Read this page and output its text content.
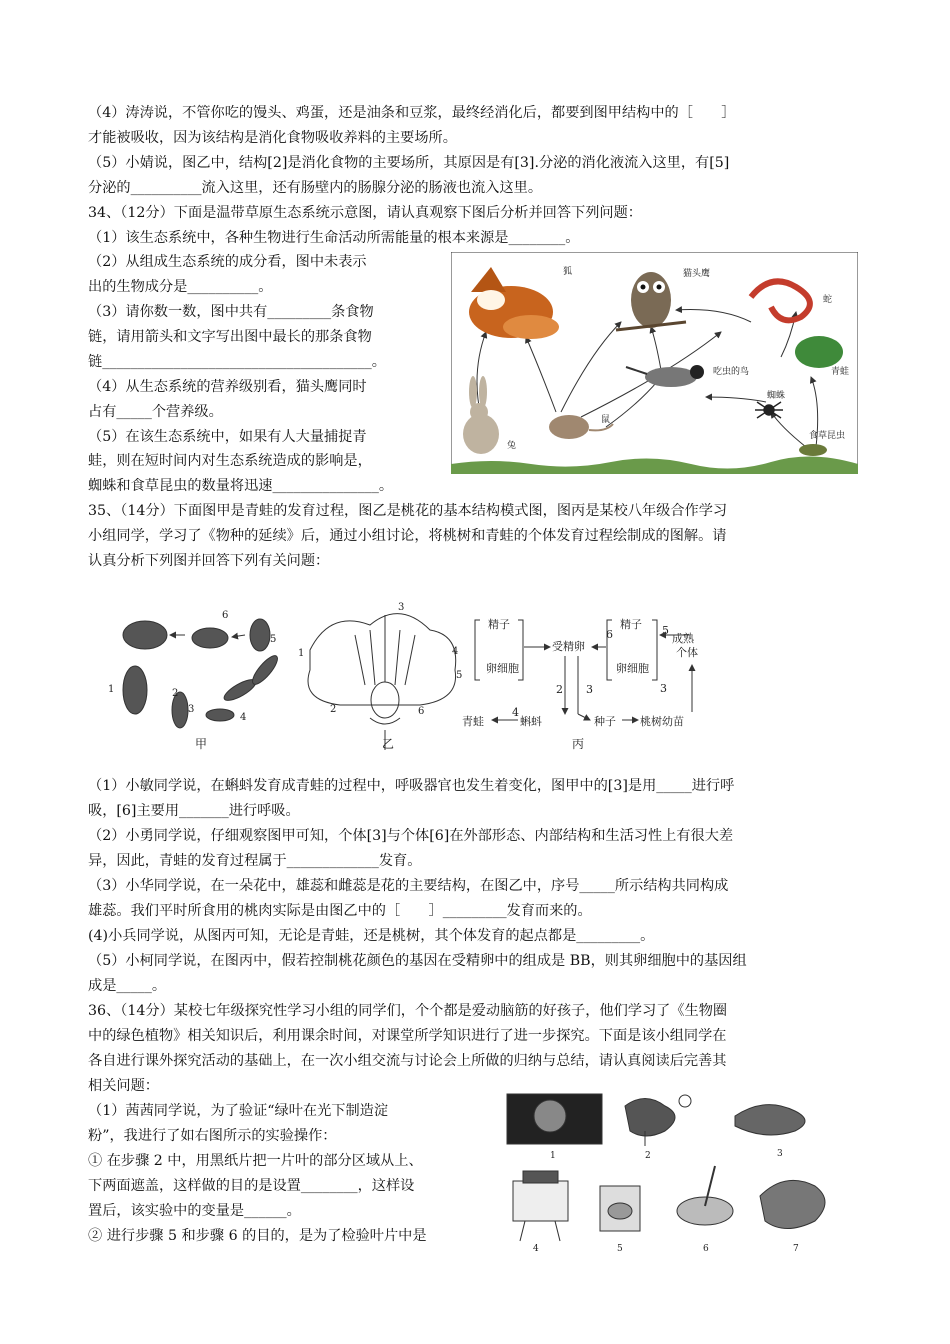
（4）涛涛说，不管你吃的馒头、鸡蛋，还是油条和豆浆，最终经消化后，都要到图甲结构中的［　　］
才能被吸收，因为该结构是消化食物吸收养料的主要场所。
（5）小婧说，图乙中，结构[2]是消化食物的主要场所，其原因是有[3].分泌的消化液流入这里，有[5]
分泌的__________流入这里，还有肠壁内的肠腺分泌的肠液也流入这里。
34、（12分）下面是温带草原生态系统示意图，请认真观察下图后分析并回答下列问题：
（1）该生态系统中，各种生物进行生命活动所需能量的根本来源是________。
（2）从组成生态系统的成分看，图中未表示
出的生物成分是__________。
（3）请你数一数，图中共有_________条食物
链，请用箭头和文字写出图中最长的那条食物
链______________________________________。
（4）从生态系统的营养级别看，猫头鹰同时
占有_____个营养级。
（5）在该生态系统中，如果有人大量捕捉青
蛙，则在短时间内对生态系统造成的影响是，
蜘蛛和食草昆虫的数量将迅速_______________。
狐	猫头鹰
蛇
青蛙
吃虫的鸟
蜘蛛
食草昆虫
兔
鼠
35、（14分）下面图甲是青蛙的发育过程，图乙是桃花的基本结构模式图，图丙是某校八年级合作学习
小组同学，学习了《物种的延续》后，通过小组讨论，将桃树和青蛙的个体发育过程绘制成的图解。请
认真分析下列图并回答下列有关问题：
1	2
3
4
5
6
甲
1
2
3
4
5
6
乙
精子
卵细胞
受精卵
精子
卵细胞
成熟
个体
青蛙	蝌蚪	种子 桃树幼苗
丙
2 3	3
4
5
6
（1）小敏同学说，在蝌蚪发育成青蛙的过程中，呼吸器官也发生着变化，图甲中的[3]是用_____进行呼
吸，[6]主要用_______进行呼吸。
（2）小勇同学说，仔细观察图甲可知，个体[3]与个体[6]在外部形态、内部结构和生活习性上有很大差
异，因此，青蛙的发育过程属于_____________发育。
（3）小华同学说，在一朵花中，雄蕊和雌蕊是花的主要结构，在图乙中，序号_____所示结构共同构成
雄蕊。我们平时所食用的桃肉实际是由图乙中的［　　］_________发育而来的。
(4)小兵同学说，从图丙可知，无论是青蛙，还是桃树，其个体发育的起点都是_________。
（5）小柯同学说，在图丙中，假若控制桃花颜色的基因在受精卵中的组成是 BB，则其卵细胞中的基因组
成是_____。
36、（14分）某校七年级探究性学习小组的同学们，个个都是爱动脑筋的好孩子，他们学习了《生物圈
中的绿色植物》相关知识后，利用课余时间，对课堂所学知识进行了进一步探究。下面是该小组同学在
各自进行课外探究活动的基础上，在一次小组交流与讨论会上所做的归纳与总结，请认真阅读后完善其
相关问题：
（1）茜茜同学说，为了验证“绿叶在光下制造淀
粉”，我进行了如右图所示的实验操作：
① 在步骤 2 中，用黑纸片把一片叶的部分区域从上、
下两面遮盖，这样做的目的是设置________，这样设
置后，该实验中的变量是______。
② 进行步骤 5 和步骤 6 的目的，是为了检验叶片中是
1	2	3
4	5	6	7
